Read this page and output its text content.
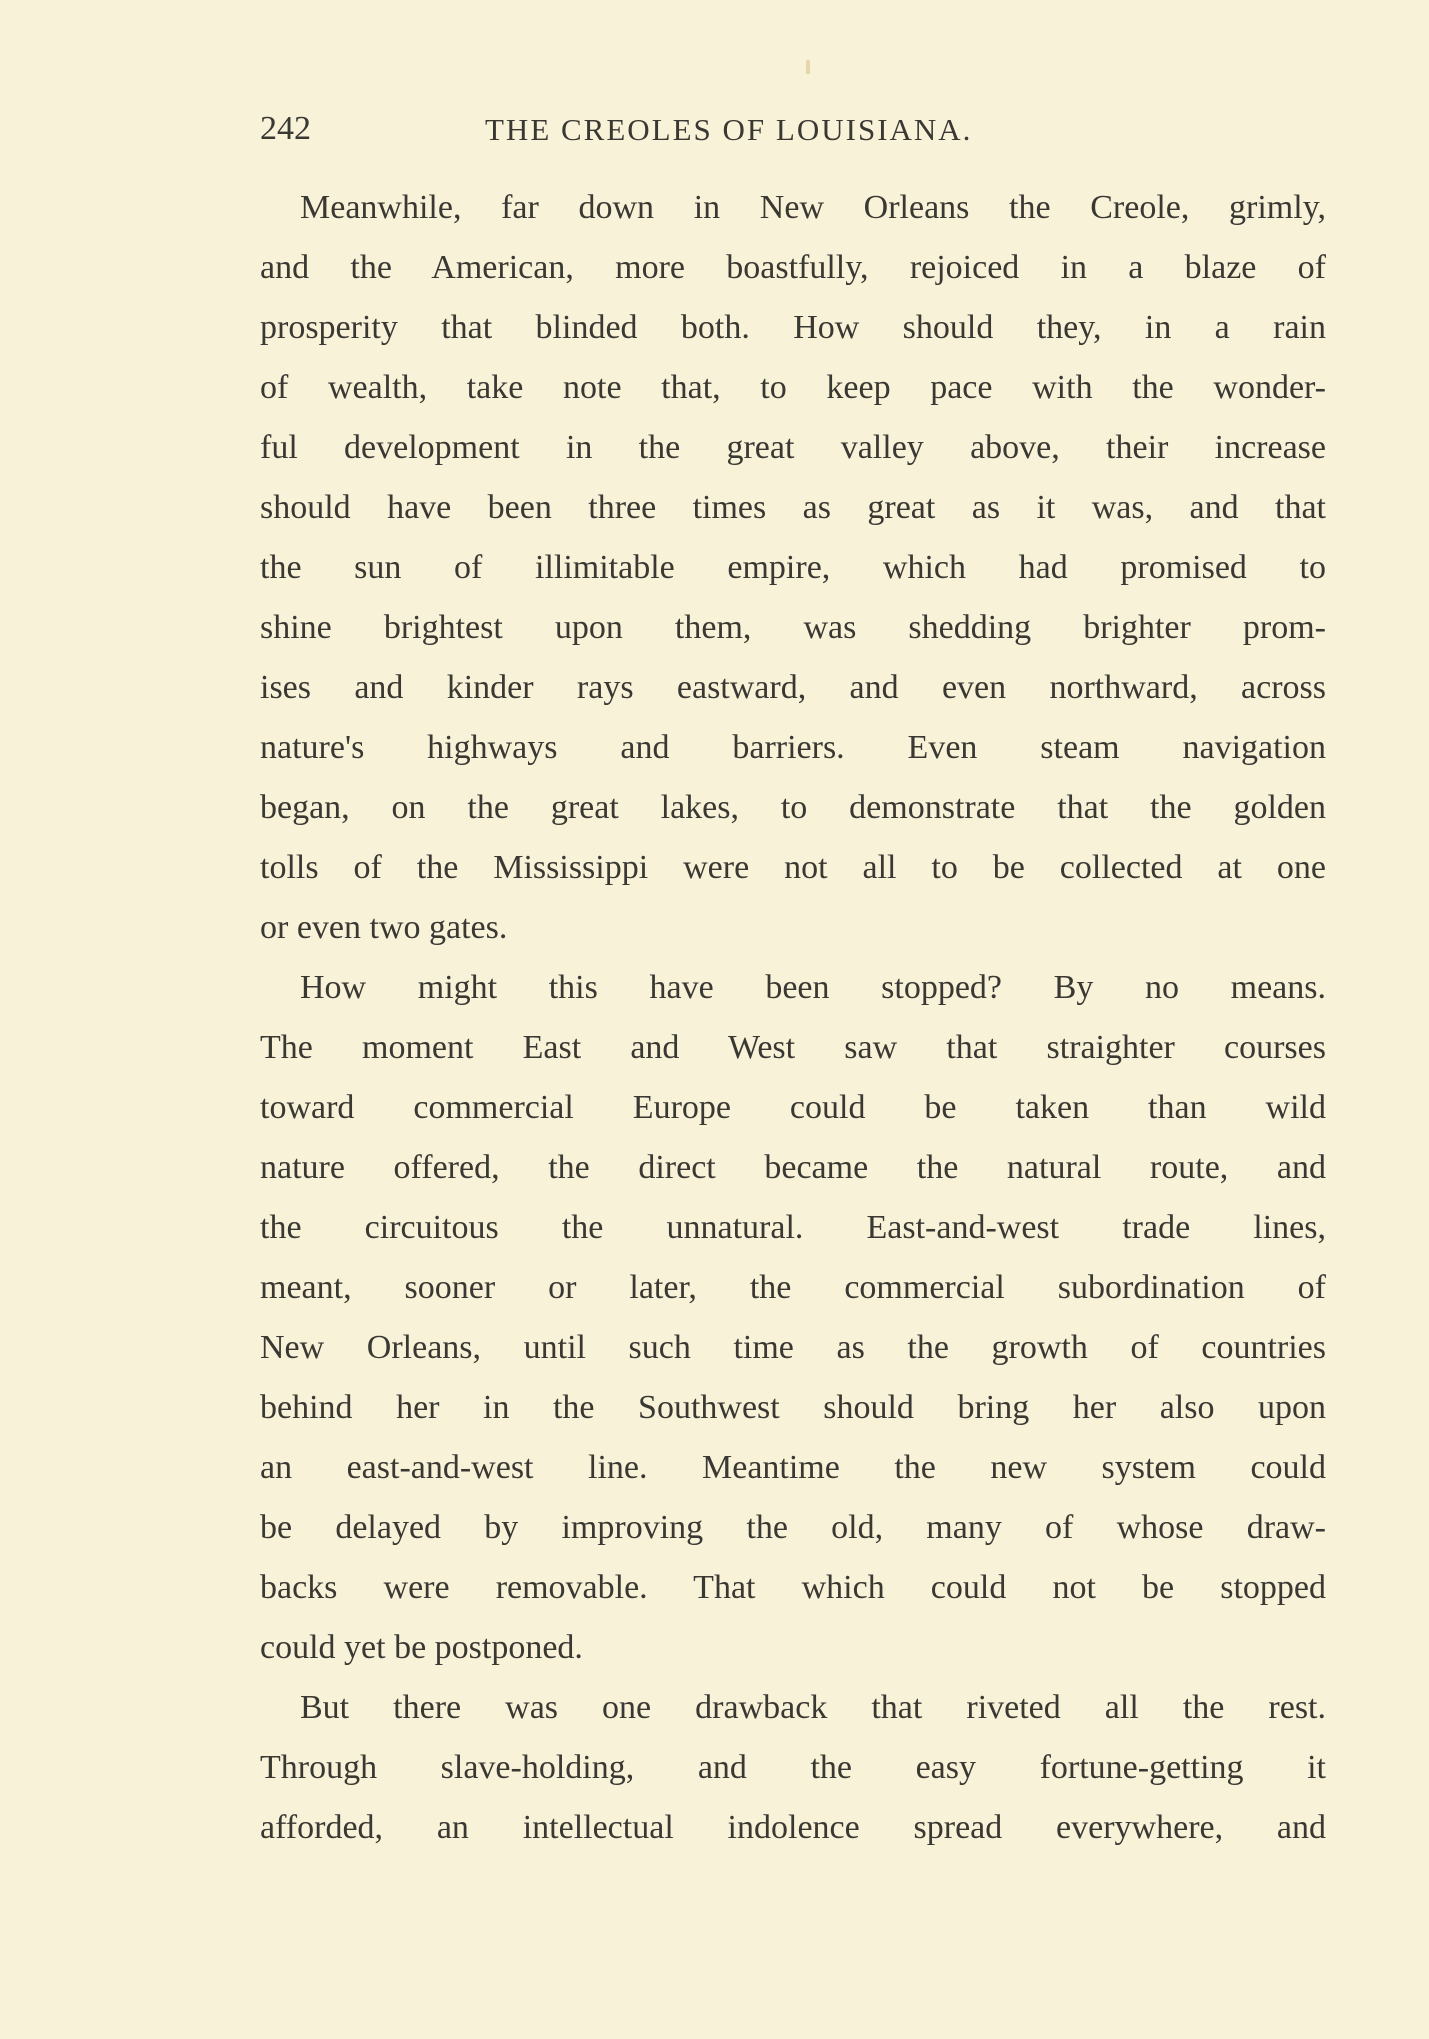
242	THE CREOLES OF LOUISIANA.
Meanwhile, far down in New Orleans the Creole, grimly,
and the American, more boastfully, rejoiced in a blaze of
prosperity that blinded both. How should they, in a rain
of wealth, take note that, to keep pace with the wonder-
ful development in the great valley above, their increase
should have been three times as great as it was, and that
the sun of illimitable empire, which had promised to
shine brightest upon them, was shedding brighter prom-
ises and kinder rays eastward, and even northward, across
nature's highways and barriers. Even steam navigation
began, on the great lakes, to demonstrate that the golden
tolls of the Mississippi were not all to be collected at one
or even two gates.
How might this have been stopped? By no means.
The moment East and West saw that straighter courses
toward commercial Europe could be taken than wild
nature offered, the direct became the natural route, and
the circuitous the unnatural. East-and-west trade lines,
meant, sooner or later, the commercial subordination of
New Orleans, until such time as the growth of countries
behind her in the Southwest should bring her also upon
an east-and-west line. Meantime the new system could
be delayed by improving the old, many of whose draw-
backs were removable. That which could not be stopped
could yet be postponed.
But there was one drawback that riveted all the rest.
Through slave-holding, and the easy fortune-getting it
afforded, an intellectual indolence spread everywhere, and
